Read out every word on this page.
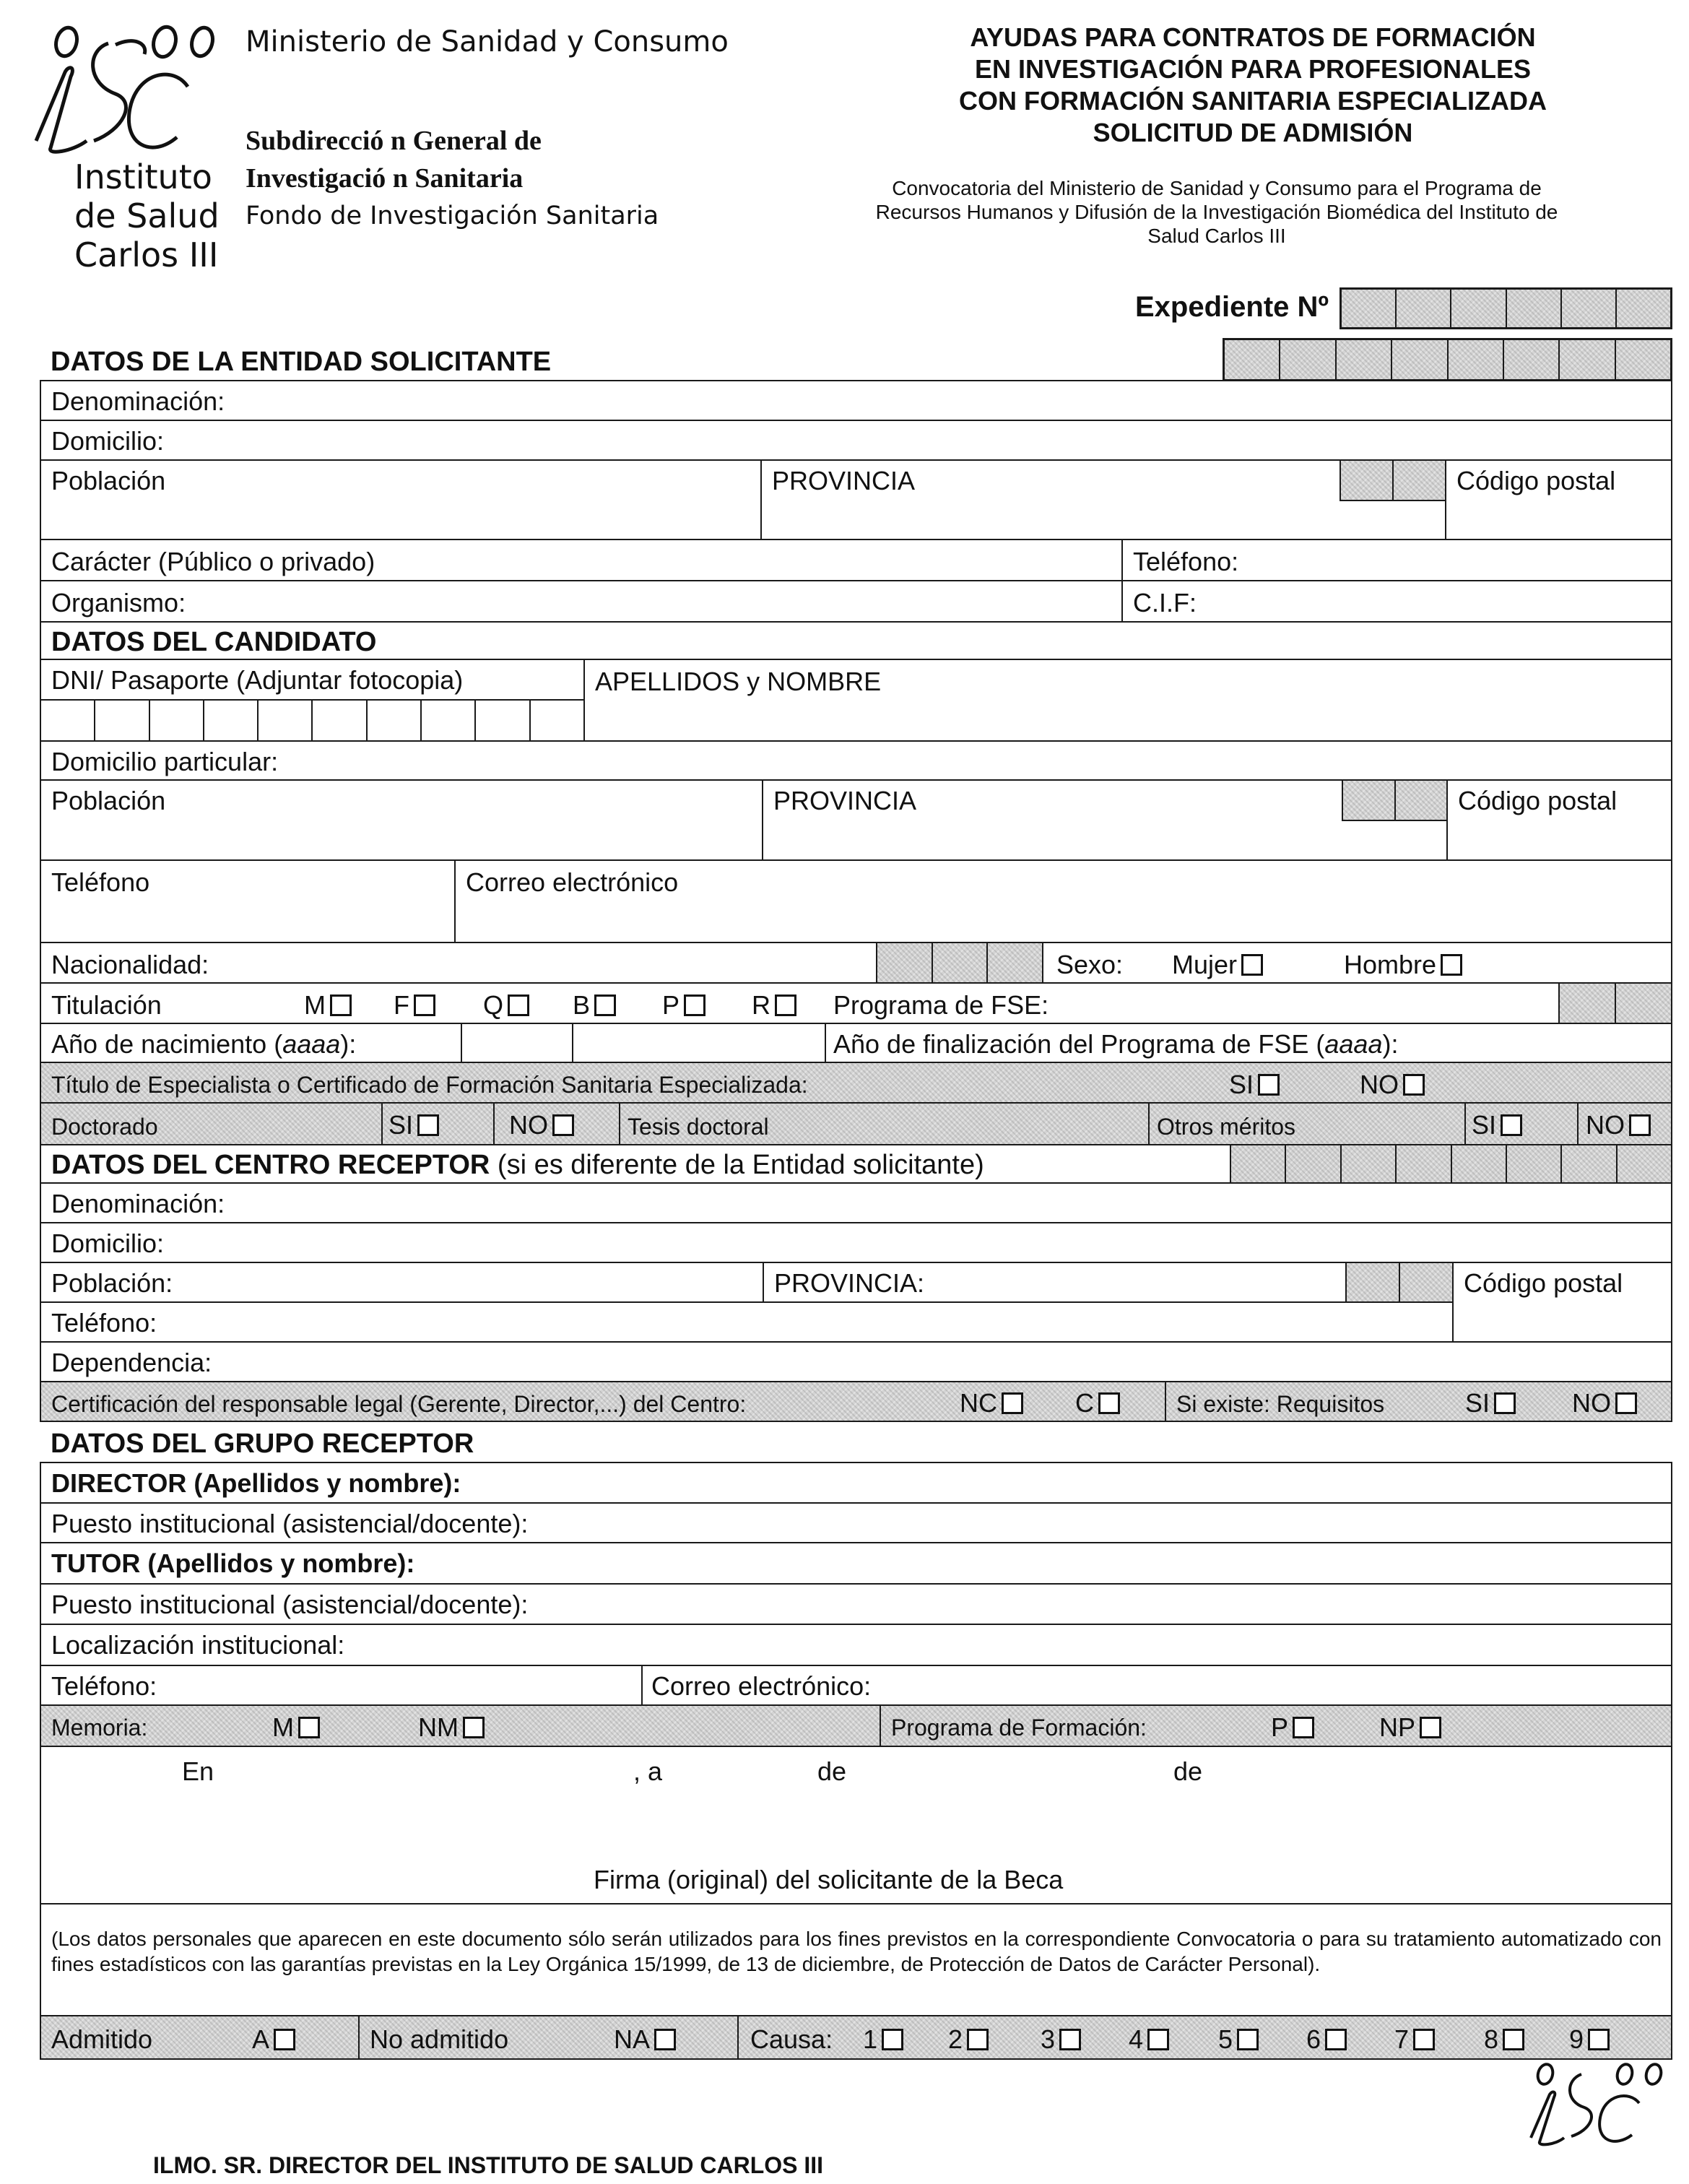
Instituto
de Salud
Carlos III
Ministerio de Sanidad y Consumo
Subdirecció n General de
Investigació n Sanitaria
Fondo de Investigación Sanitaria
AYUDAS PARA CONTRATOS DE FORMACIÓN
EN INVESTIGACIÓN PARA PROFESIONALES
CON FORMACIÓN SANITARIA ESPECIALIZADA
SOLICITUD DE ADMISIÓN
Convocatoria del Ministerio de Sanidad y Consumo para el Programa de
Recursos Humanos y Difusión de la Investigación Biomédica del Instituto de
Salud Carlos III
Expediente Nº
DATOS DE LA ENTIDAD SOLICITANTE
Denominación:
Domicilio:
Población	PROVINCIA	Código postal
Carácter (Público o privado)	Teléfono:
Organismo:	C.I.F:
DATOS DEL CANDIDATO
DNI/ Pasaporte (Adjuntar fotocopia)	APELLIDOS y NOMBRE
Domicilio particular:
Población	PROVINCIA	Código postal
Teléfono	Correo electrónico
Nacionalidad:	Sexo: Mujer	Hombre
Titulación	M	F	Q	B	P	R	Programa de FSE:
Año de nacimiento (aaaa):	Año de finalización del Programa de FSE (aaaa):
Título de Especialista o Certificado de Formación Sanitaria Especializada:	SI	NO
Doctorado	SI	NO	Tesis doctoral	Otros méritos	SI	NO
DATOS DEL CENTRO RECEPTOR (si es diferente de la Entidad solicitante)
Denominación:
Domicilio:
Población:	PROVINCIA:	Código postal
Teléfono:
Dependencia:
Certificación del responsable legal (Gerente, Director,...) del Centro:	NC	C	Si existe: Requisitos	SI	NO
DATOS DEL GRUPO RECEPTOR
DIRECTOR (Apellidos y nombre):
Puesto institucional (asistencial/docente):
TUTOR (Apellidos y nombre):
Puesto institucional (asistencial/docente):
Localización institucional:
Teléfono:	Correo electrónico:
Memoria:	M	NM	Programa de Formación:	P	NP
En	, a	de	de
Firma (original) del solicitante de la Beca
(Los datos personales que aparecen en este documento sólo serán utilizados para los fines previstos en la correspondiente Convocatoria o para su tratamiento automatizado con fines estadísticos con las garantías previstas en la Ley Orgánica 15/1999, de 13 de diciembre, de Protección de Datos de Carácter Personal).
Admitido	A	No admitido	NA	Causa: 1	2	3	4	5	6	7	8	9
ILMO. SR. DIRECTOR DEL INSTITUTO DE SALUD CARLOS III
